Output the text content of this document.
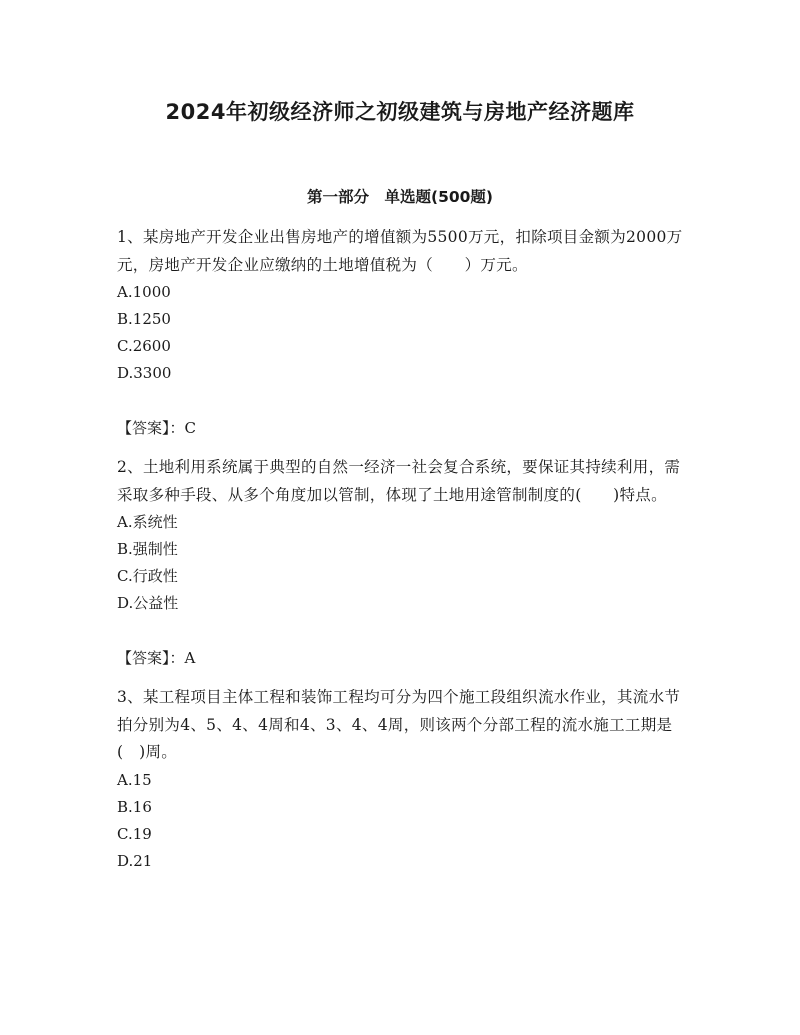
2024年初级经济师之初级建筑与房地产经济题库
第一部分　单选题(500题)

1、某房地产开发企业出售房地产的增值额为5500万元，扣除项目金额为2000万元，房地产开发企业应缴纳的土地增值税为（　　）万元。

A.1000

B.1250

C.2600

D.3300

【答案】：C

2、土地利用系统属于典型的自然一经济一社会复合系统，要保证其持续利用，需采取多种手段、从多个角度加以管制，体现了土地用途管制制度的(　　)特点。

A.系统性

B.强制性

C.行政性

D.公益性

【答案】：A

3、某工程项目主体工程和装饰工程均可分为四个施工段组织流水作业，其流水节拍分别为4、5、4、4周和4、3、4、4周，则该两个分部工程的流水施工工期是(　)周。

A.15

B.16

C.19

D.21
